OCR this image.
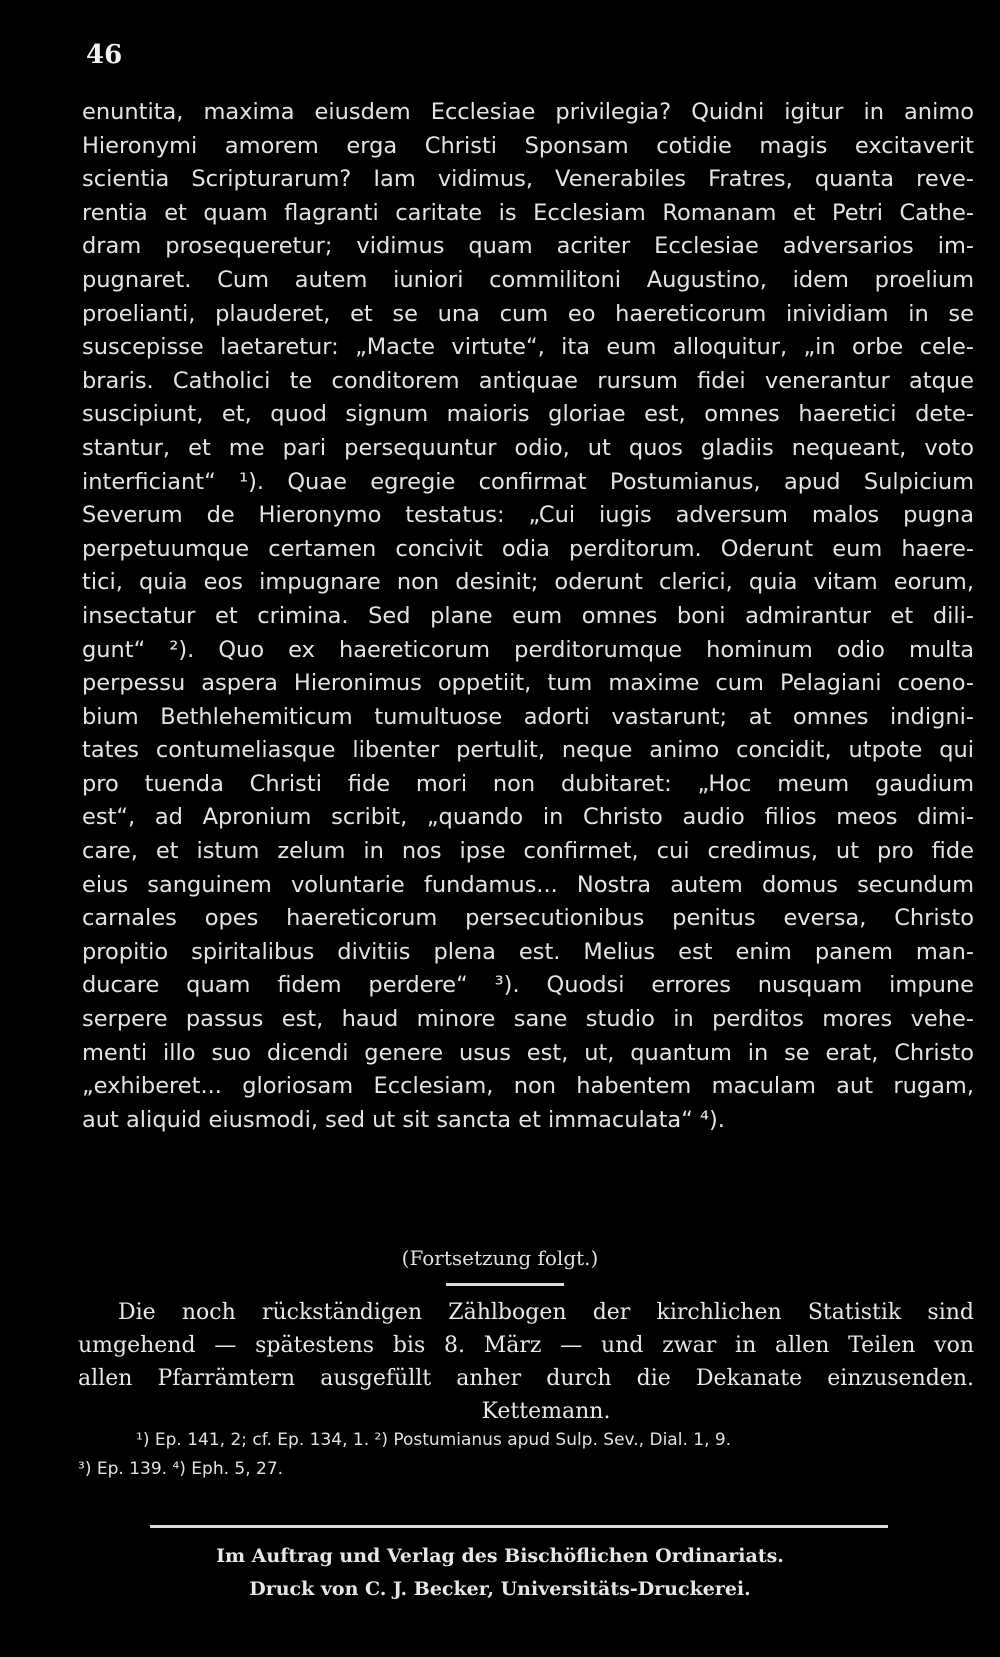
46
enuntita, maxima eiusdem Ecclesiae privilegia? Quidni igitur in animo
Hieronymi amorem erga Christi Sponsam cotidie magis excitaverit
scientia Scripturarum? Iam vidimus, Venerabiles Fratres, quanta reve-
rentia et quam flagranti caritate is Ecclesiam Romanam et Petri Cathe-
dram prosequeretur; vidimus quam acriter Ecclesiae adversarios im-
pugnaret. Cum autem iuniori commilitoni Augustino, idem proelium
proelianti, plauderet, et se una cum eo haereticorum inividiam in se
suscepisse laetaretur: „Macte virtute“, ita eum alloquitur, „in orbe cele-
braris. Catholici te conditorem antiquae rursum fidei venerantur atque
suscipiunt, et, quod signum maioris gloriae est, omnes haeretici dete-
stantur, et me pari persequuntur odio, ut quos gladiis nequeant, voto
interficiant“ ¹). Quae egregie confirmat Postumianus, apud Sulpicium
Severum de Hieronymo testatus: „Cui iugis adversum malos pugna
perpetuumque certamen concivit odia perditorum. Oderunt eum haere-
tici, quia eos impugnare non desinit; oderunt clerici, quia vitam eorum,
insectatur et crimina. Sed plane eum omnes boni admirantur et dili-
gunt“ ²). Quo ex haereticorum perditorumque hominum odio multa
perpessu aspera Hieronimus oppetiit, tum maxime cum Pelagiani coeno-
bium Bethlehemiticum tumultuose adorti vastarunt; at omnes indigni-
tates contumeliasque libenter pertulit, neque animo concidit, utpote qui
pro tuenda Christi fide mori non dubitaret: „Hoc meum gaudium
est“, ad Apronium scribit, „quando in Christo audio filios meos dimi-
care, et istum zelum in nos ipse confirmet, cui credimus, ut pro fide
eius sanguinem voluntarie fundamus... Nostra autem domus secundum
carnales opes haereticorum persecutionibus penitus eversa, Christo
propitio spiritalibus divitiis plena est. Melius est enim panem man-
ducare quam fidem perdere“ ³). Quodsi errores nusquam impune
serpere passus est, haud minore sane studio in perditos mores vehe-
menti illo suo dicendi genere usus est, ut, quantum in se erat, Christo
„exhiberet... gloriosam Ecclesiam, non habentem maculam aut rugam,
aut aliquid eiusmodi, sed ut sit sancta et immaculata“ ⁴).
(Fortsetzung folgt.)
Die noch rückständigen Zählbogen der kirchlichen Statistik sind
umgehend — spätestens bis 8. März — und zwar in allen Teilen von
allen Pfarrämtern ausgefüllt anher durch die Dekanate einzusenden.
Kettemann.
¹) Ep. 141, 2; cf. Ep. 134, 1. ²) Postumianus apud Sulp. Sev., Dial. 1, 9.
³) Ep. 139. ⁴) Eph. 5, 27.
Im Auftrag und Verlag des Bischöflichen Ordinariats.
Druck von C. J. Becker, Universitäts-Druckerei.
